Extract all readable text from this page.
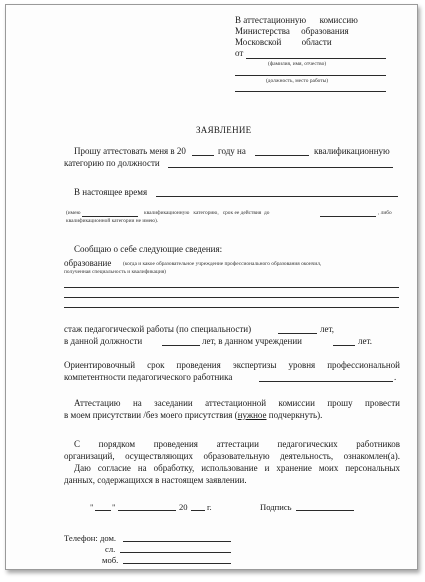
В аттестационную      комиссию
Министерства     образования
Московской         области
от
(фамилия, имя, отчество)
(должность, место работы)
ЗАЯВЛЕНИЕ
Прошу аттестовать меня в 20	году на	квалификационную
категорию по должности
В настоящее время
(имею	квалификационную   категорию,   срок ее действия  до	, либо
квалификационной категории не имею).
Сообщаю о себе следующие сведения:
образование (когда и какое образовательное учреждение профессионального образования окончил,
полученная специальность и квалификация)
стаж педагогической работы (по специальности)	лет,
в данной должности	лет, в данном учреждении	лет.
Ориентировочный срок проведения экспертизы уровня профессиональной
компетентности педагогического работника	.
Аттестацию на заседании аттестационной комиссии прошу провести
в моем присутствии /без моего присутствия (нужное подчеркнуть).
С порядком проведения аттестации педагогических работников
организаций, осуществляющих образовательную деятельность, ознакомлен(а).
Даю согласие на обработку, использование и хранение моих персональных
данных, содержащихся в настоящем заявлении.
" "	20 г.	Подпись
Телефон: дом.
сл.
моб.
